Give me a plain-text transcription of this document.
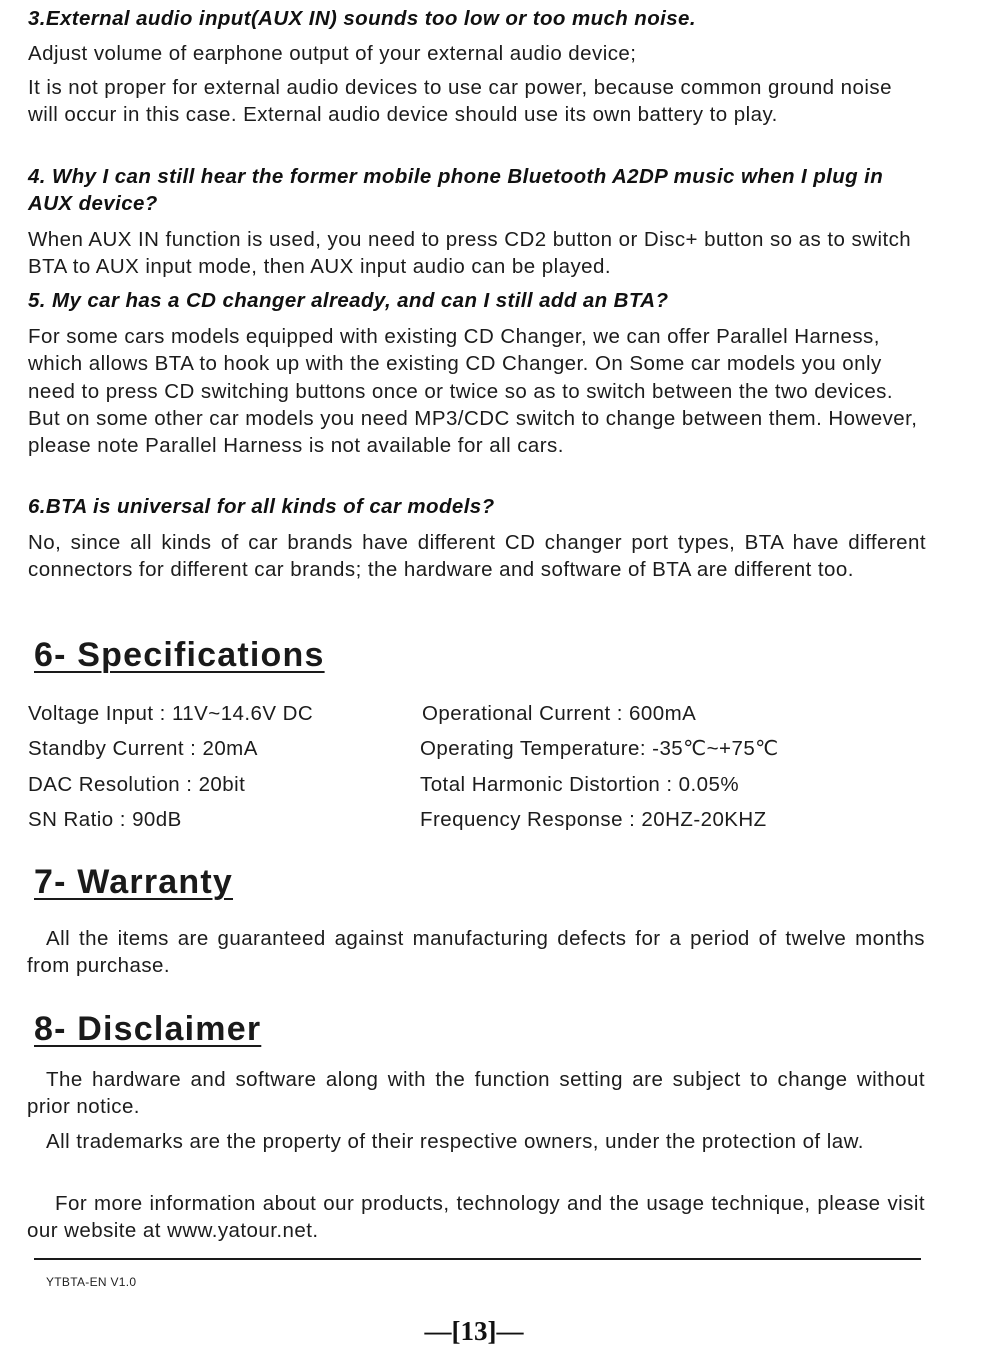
3.External audio input(AUX IN) sounds too low or too much noise.
Adjust volume of earphone output of your external audio device;
It is not proper for external audio devices to use car power, because common ground noise will occur in this case. External audio device should use its own battery to play.
4. Why I can still hear the former mobile phone Bluetooth A2DP music when I plug in AUX device?
When AUX IN function is used, you need to press CD2 button or Disc+ button so as to switch BTA to AUX input mode, then AUX input audio can be played.
5. My car has a CD changer already, and can I still add an BTA?
For some cars models equipped with existing CD Changer, we can offer Parallel Harness, which allows BTA to hook up with the existing CD Changer. On Some car models you only need to press CD switching buttons once or twice so as to switch between the two devices. But on some other car models you need MP3/CDC switch to change between them. However, please note Parallel Harness is not available for all cars.
6.BTA is universal for all kinds of car models?
No, since all kinds of car brands have different CD changer port types, BTA have different connectors for different car brands; the hardware and software of BTA are different too.
6- Specifications
Voltage Input : 11V~14.6V DC
Standby Current : 20mA
DAC Resolution : 20bit
SN Ratio : 90dB
Operational Current : 600mA
Operating Temperature: -35℃~+75℃
Total Harmonic Distortion : 0.05%
Frequency Response : 20HZ-20KHZ
7- Warranty
All the items are guaranteed against manufacturing defects for a period of twelve months from purchase.
8- Disclaimer
The hardware and software along with the function setting are subject to change without prior notice.
All trademarks are the property of their respective owners, under the protection of law.
For more information about our products, technology and the usage technique, please visit our website at www.yatour.net.
YTBTA-EN V1.0
—[13]—
